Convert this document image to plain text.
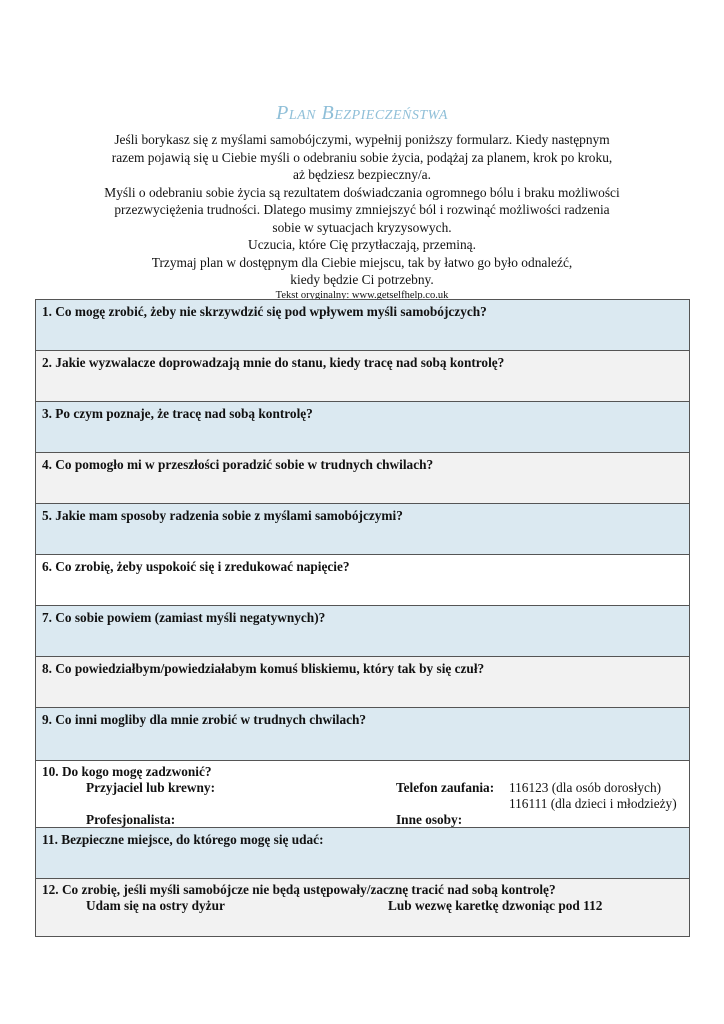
Plan Bezpieczeństwa

Jeśli borykasz się z myślami samobójczymi, wypełnij poniższy formularz. Kiedy następnym

razem pojawią się u Ciebie myśli o odebraniu sobie życia, podążaj za planem, krok po kroku,

aż będziesz bezpieczny/a.

Myśli o odebraniu sobie życia są rezultatem doświadczania ogromnego bólu i braku możliwości

przezwyciężenia trudności. Dlatego musimy zmniejszyć ból i rozwinąć możliwości radzenia

sobie w sytuacjach kryzysowych.

Uczucia, które Cię przytłaczają, przeminą.

Trzymaj plan w dostępnym dla Ciebie miejscu, tak by łatwo go było odnaleźć,

kiedy będzie Ci potrzebny.

Tekst oryginalny: www.getselfhelp.co.uk

1. Co mogę zrobić, żeby nie skrzywdzić się pod wpływem myśli samobójczych?
2. Jakie wyzwalacze doprowadzają mnie do stanu, kiedy tracę nad sobą kontrolę?
3. Po czym poznaje, że tracę nad sobą kontrolę?
4. Co pomogło mi w przeszłości poradzić sobie w trudnych chwilach?
5. Jakie mam sposoby radzenia sobie z myślami samobójczymi?
6. Co zrobię, żeby uspokoić się i zredukować napięcie?
7. Co sobie powiem (zamiast myśli negatywnych)?
8. Co powiedziałbym/powiedziałabym komuś bliskiemu, który tak by się czuł?
9. Co inni mogliby dla mnie zrobić w trudnych chwilach?
10. Do kogo mogę zadzwonić?
Przyjaciel lub krewny:	Telefon zaufania: 116123 (dla osób dorosłych)
116111 (dla dzieci i młodzieży)
Profesjonalista:	Inne osoby:
11. Bezpieczne miejsce, do którego mogę się udać:
12. Co zrobię, jeśli myśli samobójcze nie będą ustępowały/zacznę tracić nad sobą kontrolę?
Udam się na ostry dyżur	Lub wezwę karetkę dzwoniąc pod 112
